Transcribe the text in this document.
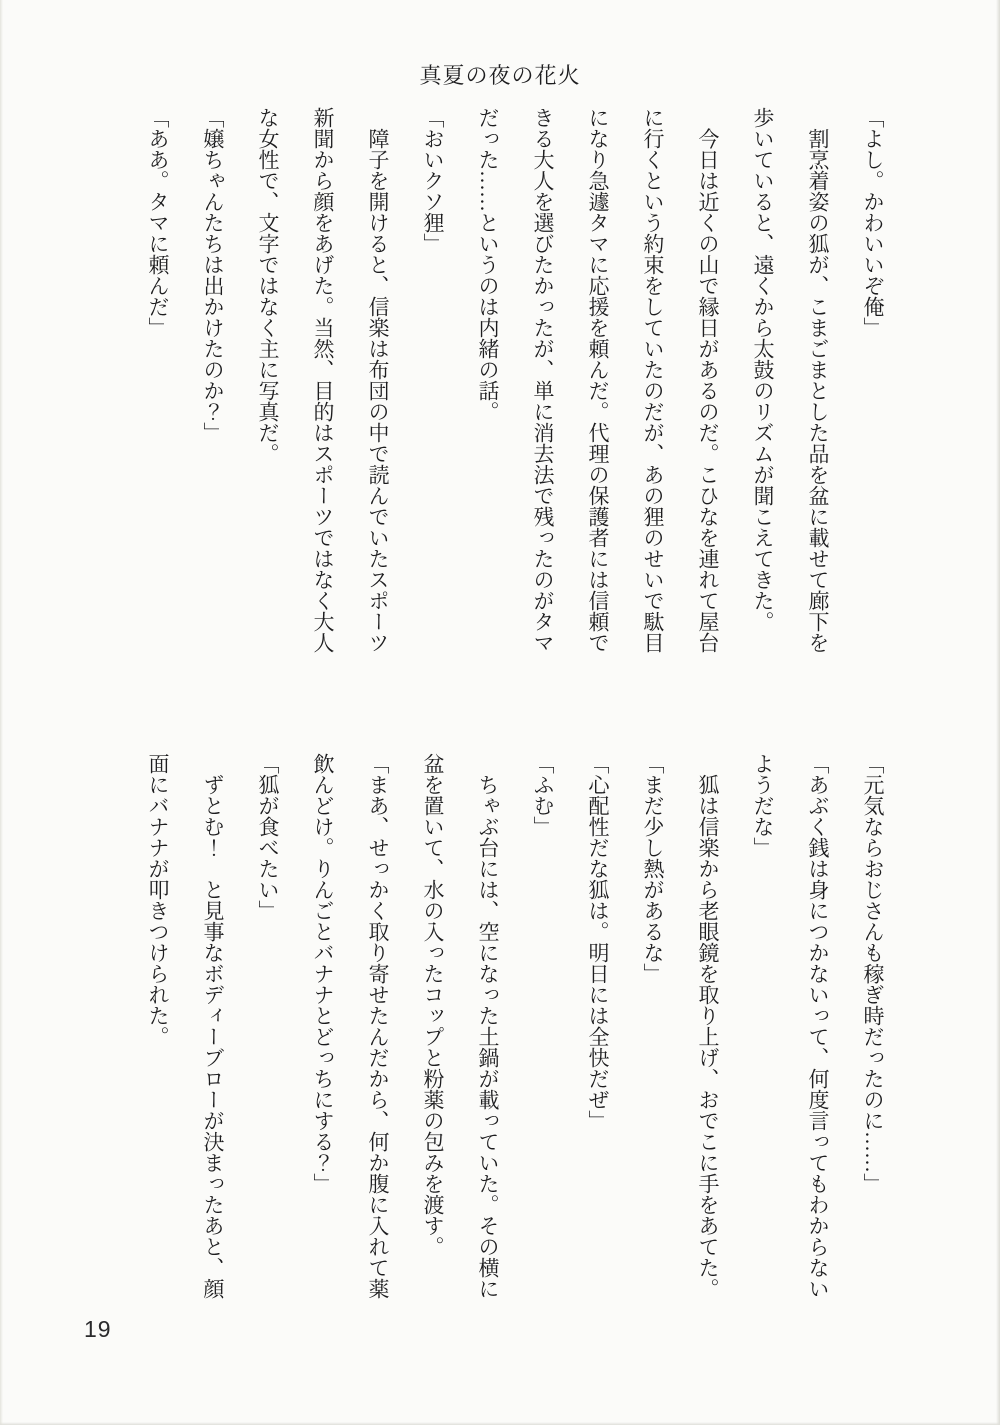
真夏の夜の花火

「よし。かわいいぞ俺」

割烹着姿の狐が、こまごまとした品を盆に載せて廊下を歩いていると、遠くから太鼓のリズムが聞こえてきた。

今日は近くの山で縁日があるのだ。こひなを連れて屋台に行くという約束をしていたのだが、あの狸のせいで駄目になり急遽タマに応援を頼んだ。代理の保護者には信頼できる大人を選びたかったが、単に消去法で残ったのがタマだった……というのは内緒の話。

「おいクソ狸」

障子を開けると、信楽は布団の中で読んでいたスポーツ新聞から顔をあげた。当然、目的はスポーツではなく大人な女性で、文字ではなく主に写真だ。

「嬢ちゃんたちは出かけたのか？」

「ああ。タマに頼んだ」

「元気ならおじさんも稼ぎ時だったのに……」

「あぶく銭は身につかないって、何度言ってもわからないようだな」

狐は信楽から老眼鏡を取り上げ、おでこに手をあてた。

「まだ少し熱があるな」

「心配性だな狐は。明日には全快だぜ」

「ふむ」

ちゃぶ台には、空になった土鍋が載っていた。その横に盆を置いて、水の入ったコップと粉薬の包みを渡す。

「まあ、せっかく取り寄せたんだから、何か腹に入れて薬飲んどけ。りんごとバナナとどっちにする？」

「狐が食べたい」

ずとむ！　と見事なボディーブローが決まったあと、顔面にバナナが叩きつけられた。

19
